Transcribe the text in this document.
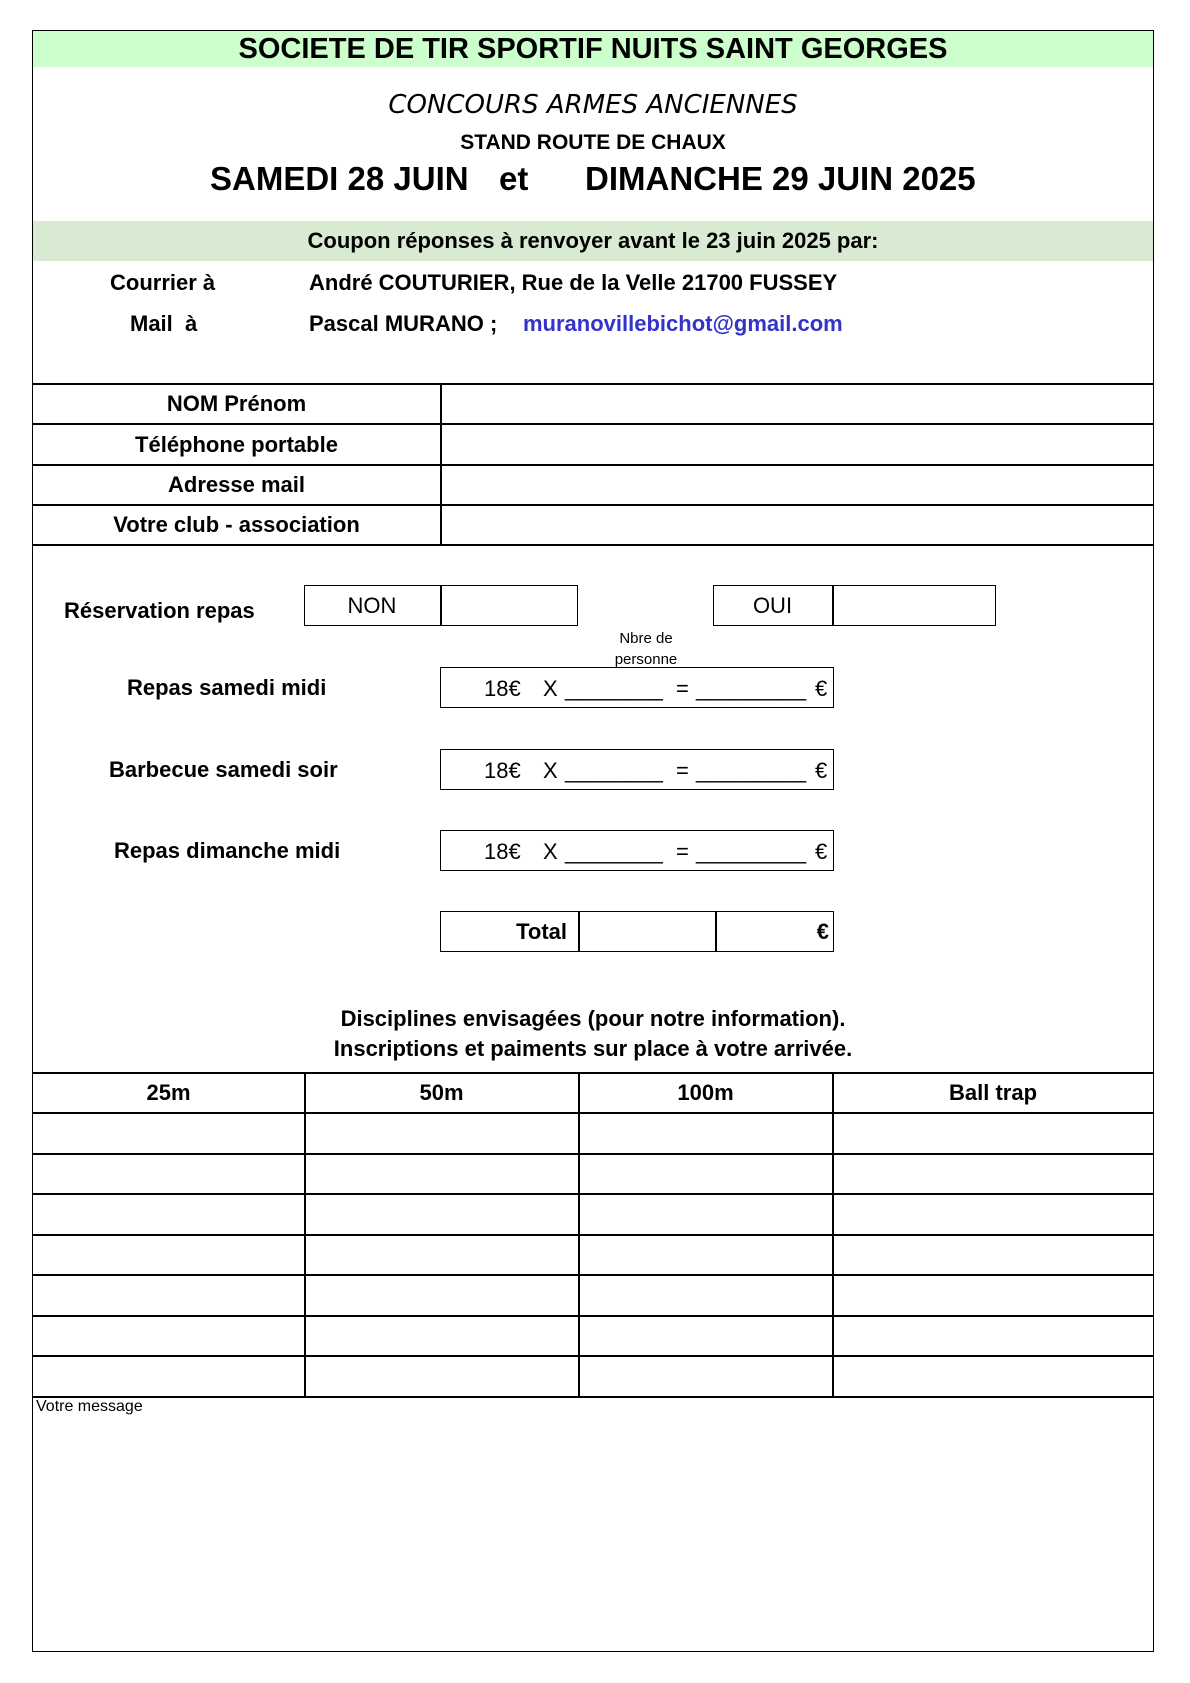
SOCIETE DE TIR SPORTIF NUITS SAINT GEORGES
CONCOURS ARMES ANCIENNES
STAND ROUTE DE CHAUX
SAMEDI 28 JUIN et DIMANCHE 29 JUIN 2025
Coupon réponses à renvoyer avant le 23 juin 2025 par:
Courrier à	André COUTURIER, Rue de la Velle 21700 FUSSEY
Mail  à	Pascal MURANO ; muranovillebichot@gmail.com
NOM Prénom
Téléphone portable
Adresse mail
Votre club - association
Réservation repas	NON	OUI
Nbre de personne
Repas samedi midi	18€ X ________ = _________ €
Barbecue samedi soir	18€ X ________ = _________ €
Repas dimanche midi	18€ X ________ = _________ €
Total	€
Disciplines envisagées (pour notre information).
Inscriptions et paiments sur place à votre arrivée.
25m	50m	100m	Ball trap
Votre message
